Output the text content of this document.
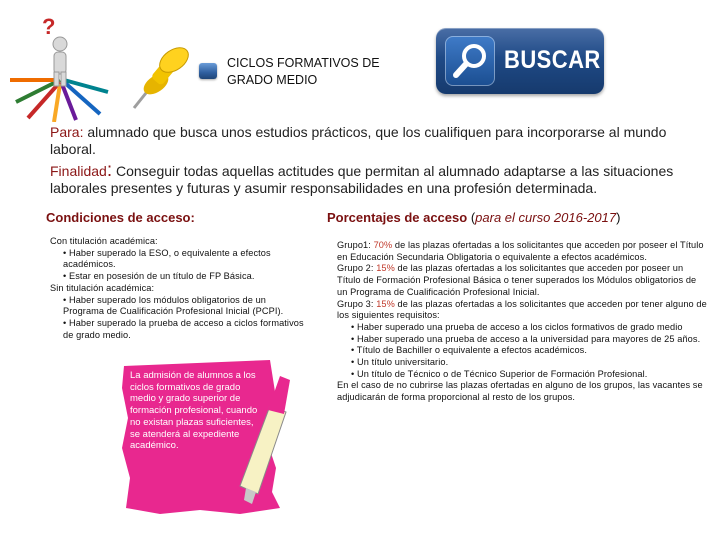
?
CICLOS FORMATIVOS DE
GRADO MEDIO
BUSCAR
Para: alumnado que busca unos estudios prácticos, que los cualifiquen para incorporarse al mundo laboral.
Finalidad: Conseguir todas aquellas actitudes que permitan al alumnado adaptarse a las situaciones laborales presentes y futuras y asumir responsabilidades en una profesión determinada.
Condiciones de acceso:	Porcentajes de acceso (para el curso 2016-2017)
Con titulación académica:
• Haber superado la ESO, o equivalente a efectos académicos.
• Estar en posesión de un título de FP Básica.
Sin titulación académica:
• Haber superado los módulos obligatorios de un Programa de Cualificación Profesional Inicial (PCPI).
• Haber superado la prueba de acceso a ciclos formativos de grado medio.
Grupo1: 70% de las plazas ofertadas a los solicitantes que acceden por poseer el Título en Educación Secundaria Obligatoria o equivalente a efectos académicos.
Grupo 2: 15% de las plazas ofertadas a los solicitantes que acceden por poseer un Título de Formación Profesional Básica o tener superados los Módulos obligatorios de un Programa de Cualificación Profesional Inicial.
Grupo 3: 15% de las plazas ofertadas a los solicitantes que acceden por tener alguno de los siguientes requisitos:
• Haber superado una prueba de acceso a los ciclos formativos de grado medio
• Haber superado una prueba de acceso a la universidad para mayores de 25 años.
• Título de Bachiller o equivalente a efectos académicos.
• Un título universitario.
• Un título de Técnico o de Técnico Superior de Formación Profesional.
En el caso de no cubrirse las plazas ofertadas en alguno de los grupos, las vacantes se adjudicarán de forma proporcional al resto de los grupos.
La admisión de alumnos a los ciclos formativos de grado medio y grado superior de formación profesional, cuando no existan plazas suficientes, se atenderá al expediente académico.
